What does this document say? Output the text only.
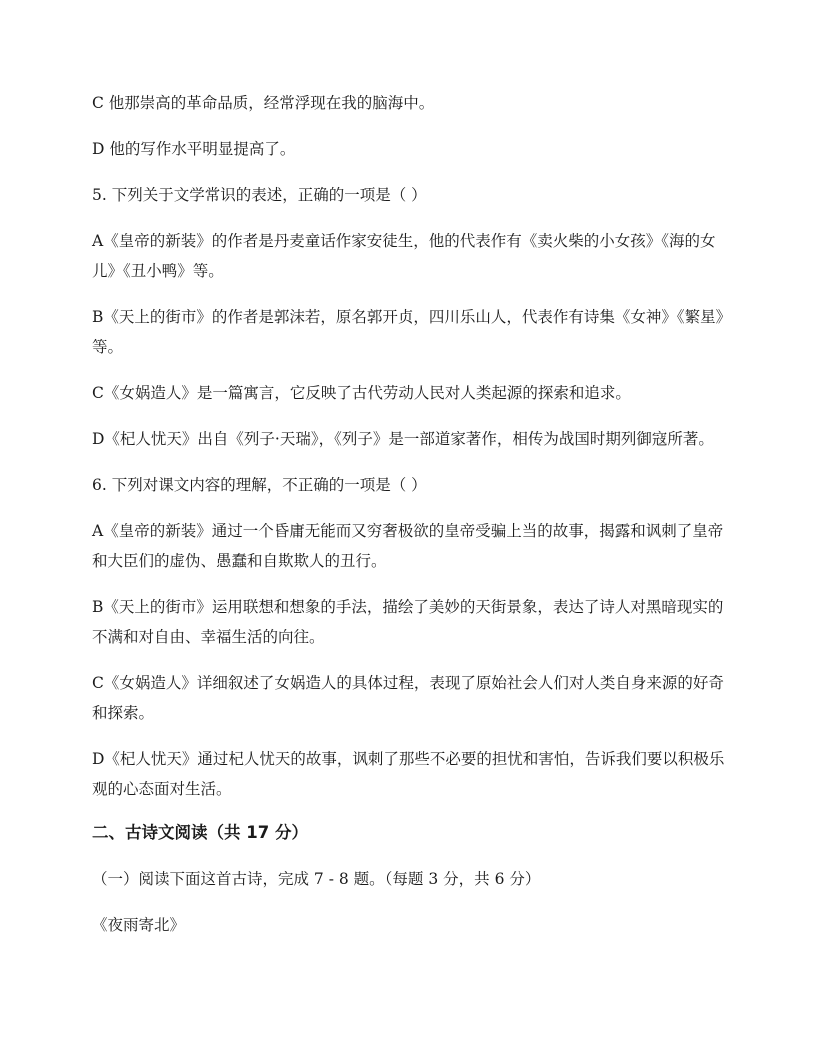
C 他那崇高的革命品质，经常浮现在我的脑海中。

D 他的写作水平明显提高了。

5. 下列关于文学常识的表述，正确的一项是（ ）

A《皇帝的新装》的作者是丹麦童话作家安徒生，他的代表作有《卖火柴的小女孩》《海的女儿》《丑小鸭》等。

B《天上的街市》的作者是郭沫若，原名郭开贞，四川乐山人，代表作有诗集《女神》《繁星》等。

C《女娲造人》是一篇寓言，它反映了古代劳动人民对人类起源的探索和追求。

D《杞人忧天》出自《列子·天瑞》，《列子》是一部道家著作，相传为战国时期列御寇所著。

6. 下列对课文内容的理解，不正确的一项是（ ）

A《皇帝的新装》通过一个昏庸无能而又穷奢极欲的皇帝受骗上当的故事，揭露和讽刺了皇帝和大臣们的虚伪、愚蠢和自欺欺人的丑行。

B《天上的街市》运用联想和想象的手法，描绘了美妙的天街景象，表达了诗人对黑暗现实的不满和对自由、幸福生活的向往。

C《女娲造人》详细叙述了女娲造人的具体过程，表现了原始社会人们对人类自身来源的好奇和探索。

D《杞人忧天》通过杞人忧天的故事，讽刺了那些不必要的担忧和害怕，告诉我们要以积极乐观的心态面对生活。

二、古诗文阅读（共 17 分）

（一）阅读下面这首古诗，完成 7 - 8 题。（每题 3 分，共 6 分）

《夜雨寄北》
